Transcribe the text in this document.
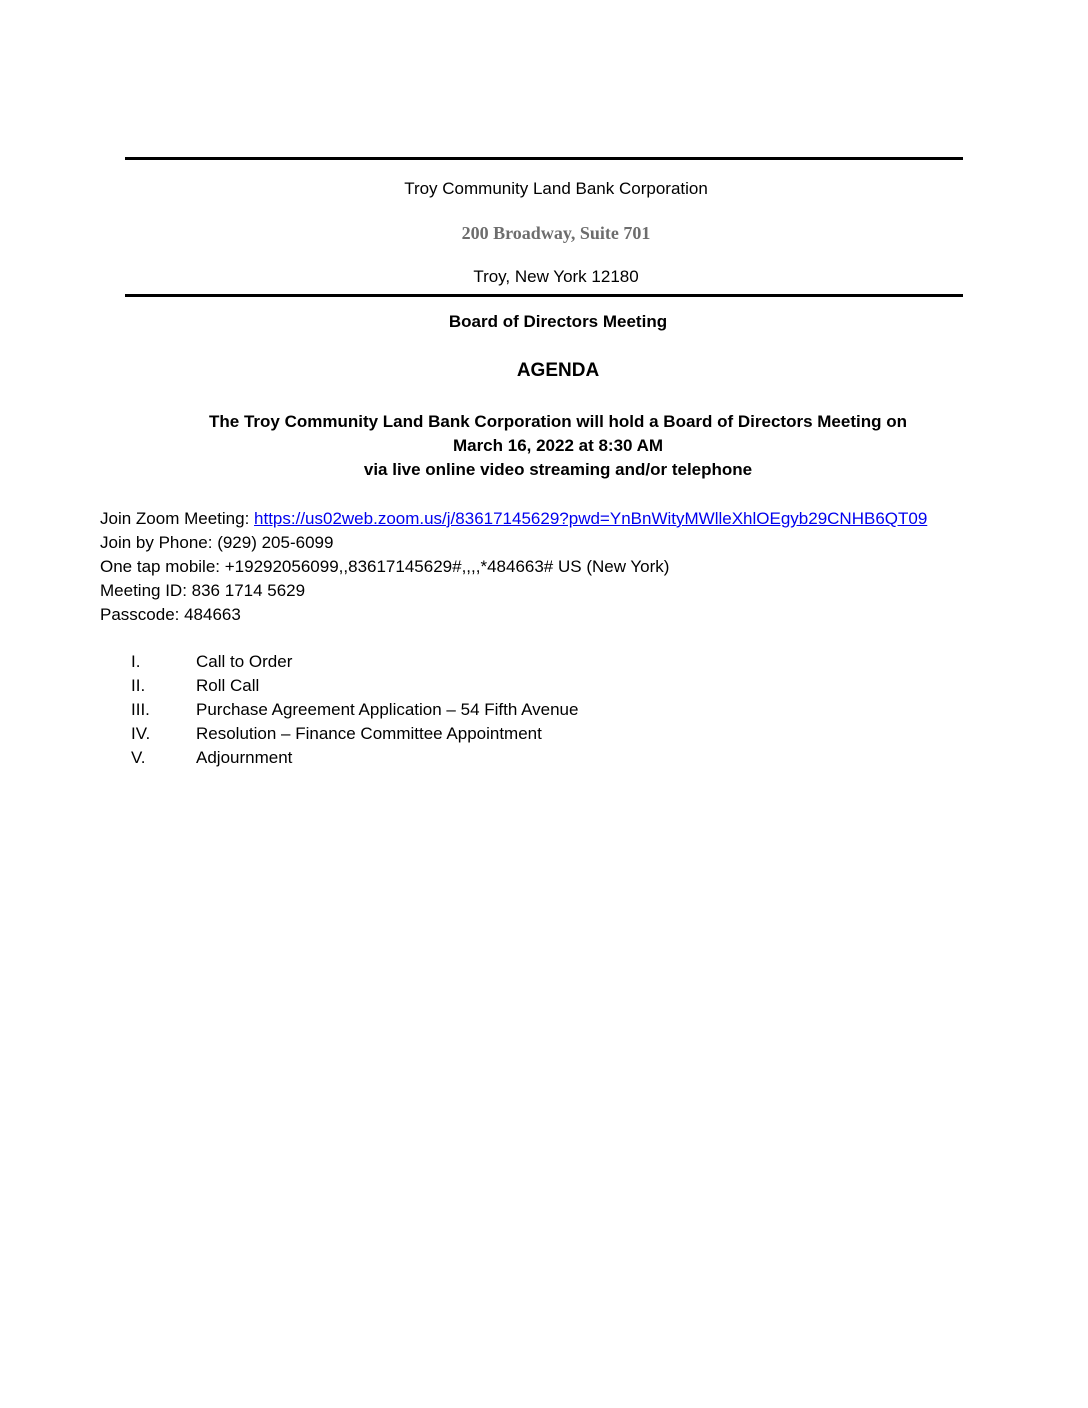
Troy Community Land Bank Corporation
200 Broadway, Suite 701
Troy, New York 12180
Board of Directors Meeting
AGENDA
The Troy Community Land Bank Corporation will hold a Board of Directors Meeting on
March 16, 2022 at 8:30 AM
via live online video streaming and/or telephone
Join Zoom Meeting: https://us02web.zoom.us/j/83617145629?pwd=YnBnWityMWlleXhlOEgyb29CNHB6QT09
Join by Phone: (929) 205-6099
One tap mobile: +19292056099,,83617145629#,,,,*484663# US (New York)
Meeting ID: 836 1714 5629
Passcode: 484663
I.	Call to Order
II.	Roll Call
III.	Purchase Agreement Application – 54 Fifth Avenue
IV.	Resolution – Finance Committee Appointment
V.	Adjournment
